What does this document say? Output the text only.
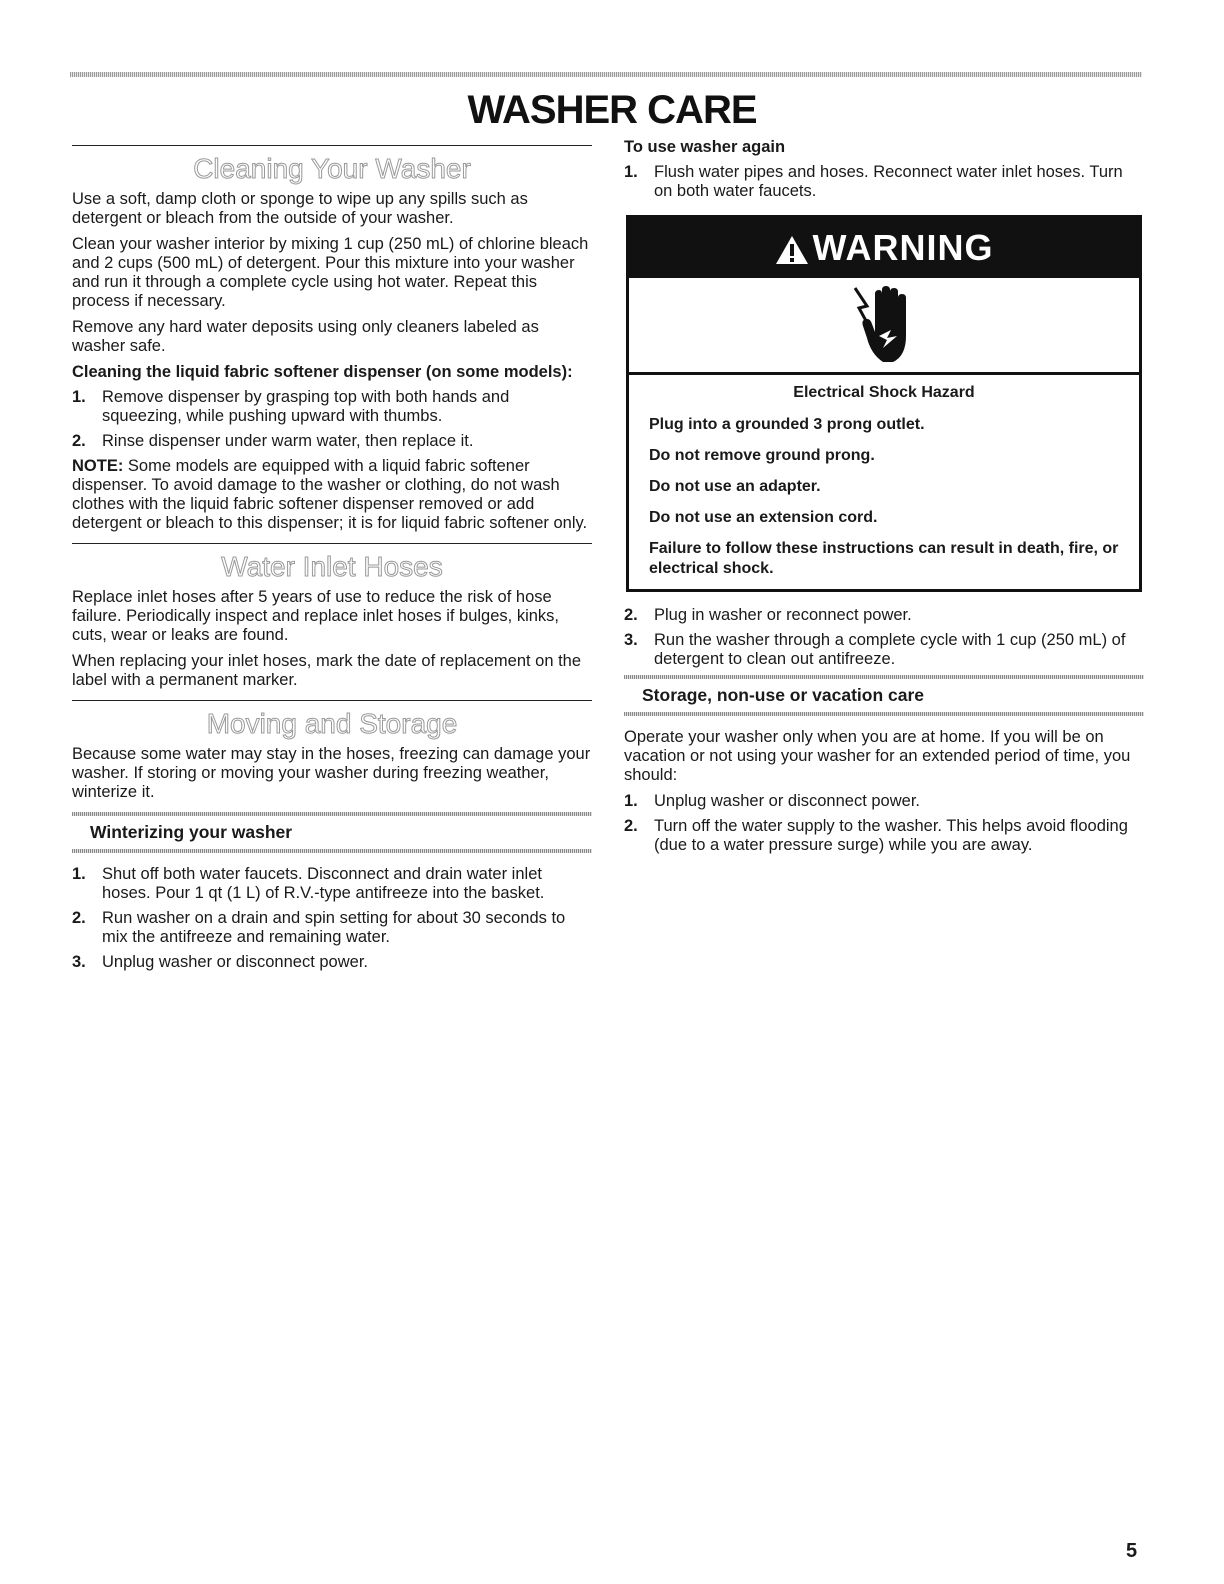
WASHER CARE
Cleaning Your Washer

Use a soft, damp cloth or sponge to wipe up any spills such as detergent or bleach from the outside of your washer.

Clean your washer interior by mixing 1 cup (250 mL) of chlorine bleach and 2 cups (500 mL) of detergent. Pour this mixture into your washer and run it through a complete cycle using hot water. Repeat this process if necessary.

Remove any hard water deposits using only cleaners labeled as washer safe.

Cleaning the liquid fabric softener dispenser (on some models):
1. Remove dispenser by grasping top with both hands and squeezing, while pushing upward with thumbs.
2. Rinse dispenser under warm water, then replace it.

NOTE: Some models are equipped with a liquid fabric softener dispenser. To avoid damage to the washer or clothing, do not wash clothes with the liquid fabric softener dispenser removed or add detergent or bleach to this dispenser; it is for liquid fabric softener only.

Water Inlet Hoses

Replace inlet hoses after 5 years of use to reduce the risk of hose failure. Periodically inspect and replace inlet hoses if bulges, kinks, cuts, wear or leaks are found.

When replacing your inlet hoses, mark the date of replacement on the label with a permanent marker.

Moving and Storage

Because some water may stay in the hoses, freezing can damage your washer. If storing or moving your washer during freezing weather, winterize it.

Winterizing your washer
1. Shut off both water faucets. Disconnect and drain water inlet hoses. Pour 1 qt (1 L) of R.V.-type antifreeze into the basket.
2. Run washer on a drain and spin setting for about 30 seconds to mix the antifreeze and remaining water.
3. Unplug washer or disconnect power.
To use washer again
1. Flush water pipes and hoses. Reconnect water inlet hoses. Turn on both water faucets.
WARNING
Electrical Shock Hazard

Plug into a grounded 3 prong outlet.

Do not remove ground prong.

Do not use an adapter.

Do not use an extension cord.

Failure to follow these instructions can result in death, fire, or electrical shock.

2. Plug in washer or reconnect power.
3. Run the washer through a complete cycle with 1 cup (250 mL) of detergent to clean out antifreeze.
Storage, non-use or vacation care

Operate your washer only when you are at home. If you will be on vacation or not using your washer for an extended period of time, you should:

1. Unplug washer or disconnect power.
2. Turn off the water supply to the washer. This helps avoid flooding (due to a water pressure surge) while you are away.
5
